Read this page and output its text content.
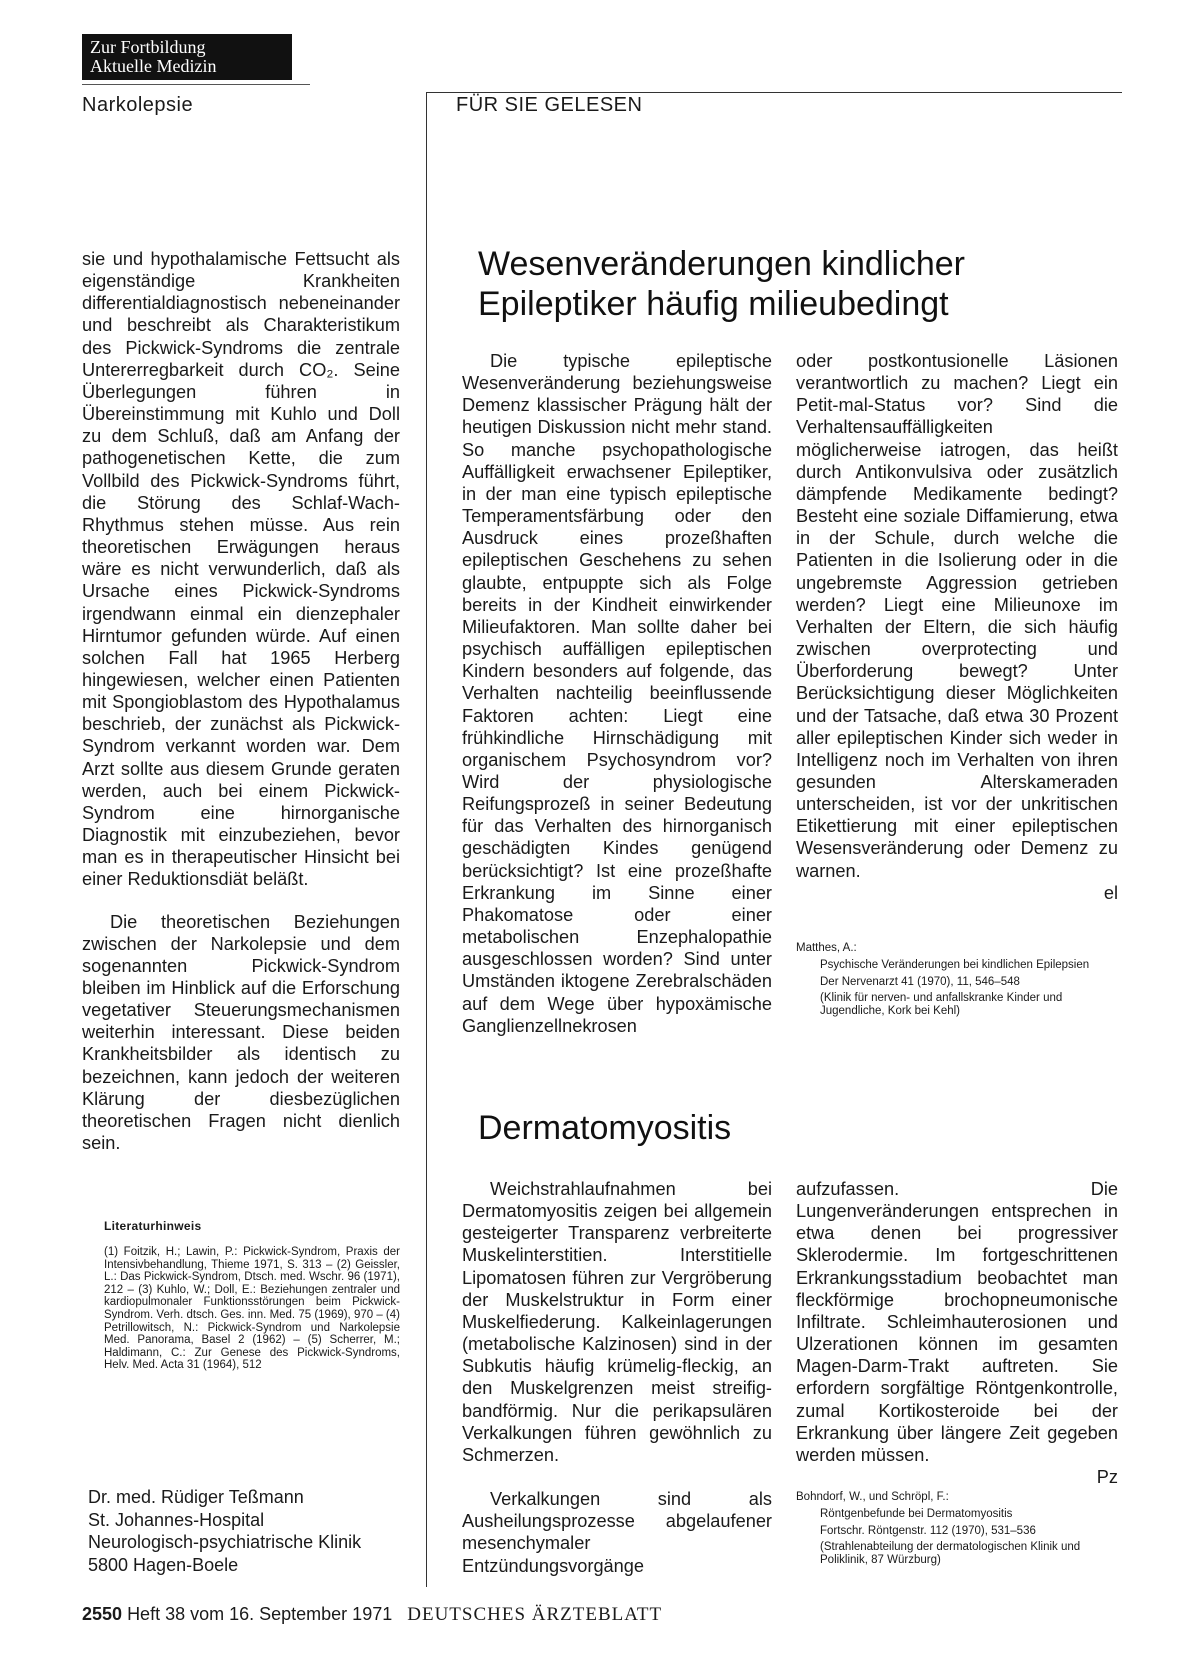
Zur Fortbildung
Aktuelle Medizin
Narkolepsie	FÜR SIE GELESEN

sie und hypothalamische Fettsucht als eigenständige Krankheiten differentialdiagnostisch nebeneinander und beschreibt als Charakteristikum des Pickwick-Syndroms die zentrale Untererregbarkeit durch CO₂. Seine Überlegungen führen in Übereinstimmung mit Kuhlo und Doll zu dem Schluß, daß am Anfang der pathogenetischen Kette, die zum Vollbild des Pickwick-Syndroms führt, die Störung des Schlaf-Wach-Rhythmus stehen müsse. Aus rein theoretischen Erwägungen heraus wäre es nicht verwunderlich, daß als Ursache eines Pickwick-Syndroms irgendwann einmal ein dienzephaler Hirntumor gefunden würde. Auf einen solchen Fall hat 1965 Herberg hingewiesen, welcher einen Patienten mit Spongioblastom des Hypothalamus beschrieb, der zunächst als Pickwick-Syndrom verkannt worden war. Dem Arzt sollte aus diesem Grunde geraten werden, auch bei einem Pickwick-Syndrom eine hirnorganische Diagnostik mit einzubeziehen, bevor man es in therapeutischer Hinsicht bei einer Reduktionsdiät beläßt.

Die theoretischen Beziehungen zwischen der Narkolepsie und dem sogenannten Pickwick-Syndrom bleiben im Hinblick auf die Erforschung vegetativer Steuerungsmechanismen weiterhin interessant. Diese beiden Krankheitsbilder als identisch zu bezeichnen, kann jedoch der weiteren Klärung der diesbezüglichen theoretischen Fragen nicht dienlich sein.

Literaturhinweis
(1) Foitzik, H.; Lawin, P.: Pickwick-Syndrom, Praxis der Intensivbehandlung, Thieme 1971, S. 313 – (2) Geissler, L.: Das Pickwick-Syndrom, Dtsch. med. Wschr. 96 (1971), 212 – (3) Kuhlo, W.; Doll, E.: Beziehungen zentraler und kardiopulmonaler Funktionsstörungen beim Pickwick-Syndrom. Verh. dtsch. Ges. inn. Med. 75 (1969), 970 – (4) Petrillowitsch, N.: Pickwick-Syndrom und Narkolepsie Med. Panorama, Basel 2 (1962) – (5) Scherrer, M.; Haldimann, C.: Zur Genese des Pickwick-Syndroms, Helv. Med. Acta 31 (1964), 512
Dr. med. Rüdiger Teßmann
St. Johannes-Hospital
Neurologisch-psychiatrische Klinik
5800 Hagen-Boele
Wesenveränderungen kindlicher
Epileptiker häufig milieubedingt

Die typische epileptische Wesenveränderung beziehungsweise Demenz klassischer Prägung hält der heutigen Diskussion nicht mehr stand. So manche psychopathologische Auffälligkeit erwachsener Epileptiker, in der man eine typisch epileptische Temperamentsfärbung oder den Ausdruck eines prozeßhaften epileptischen Geschehens zu sehen glaubte, entpuppte sich als Folge bereits in der Kindheit einwirkender Milieufaktoren. Man sollte daher bei psychisch auffälligen epileptischen Kindern besonders auf folgende, das Verhalten nachteilig beeinflussende Faktoren achten: Liegt eine frühkindliche Hirnschädigung mit organischem Psychosyndrom vor? Wird der physiologische Reifungsprozeß in seiner Bedeutung für das Verhalten des hirnorganisch geschädigten Kindes genügend berücksichtigt? Ist eine prozeßhafte Erkrankung im Sinne einer Phakomatose oder einer metabolischen Enzephalopathie ausgeschlossen worden? Sind unter Umständen iktogene Zerebralschäden auf dem Wege über hypoxämische Ganglienzellnekrosen

oder postkontusionelle Läsionen verantwortlich zu machen? Liegt ein Petit-mal-Status vor? Sind die Verhaltensauffälligkeiten möglicherweise iatrogen, das heißt durch Antikonvulsiva oder zusätzlich dämpfende Medikamente bedingt? Besteht eine soziale Diffamierung, etwa in der Schule, durch welche die Patienten in die Isolierung oder in die ungebremste Aggression getrieben werden? Liegt eine Milieunoxe im Verhalten der Eltern, die sich häufig zwischen overprotecting und Überforderung bewegt? Unter Berücksichtigung dieser Möglichkeiten und der Tatsache, daß etwa 30 Prozent aller epileptischen Kinder sich weder in Intelligenz noch im Verhalten von ihren gesunden Alterskameraden unterscheiden, ist vor der unkritischen Etikettierung mit einer epileptischen Wesensveränderung oder Demenz zu warnen.

el
Matthes, A.:
Psychische Veränderungen bei kindlichen Epilepsien
Der Nervenarzt 41 (1970), 11, 546–548
(Klinik für nerven- und anfallskranke Kinder und Jugendliche, Kork bei Kehl)
Dermatomyositis

Weichstrahlaufnahmen bei Dermatomyositis zeigen bei allgemein gesteigerter Transparenz verbreiterte Muskelinterstitien. Interstitielle Lipomatosen führen zur Vergröberung der Muskelstruktur in Form einer Muskelfiederung. Kalkeinlagerungen (metabolische Kalzinosen) sind in der Subkutis häufig krümelig-fleckig, an den Muskelgrenzen meist streifig-bandförmig. Nur die perikapsulären Verkalkungen führen gewöhnlich zu Schmerzen.

Verkalkungen sind als Ausheilungsprozesse abgelaufener mesenchymaler Entzündungsvorgänge

aufzufassen. Die Lungenveränderungen entsprechen in etwa denen bei progressiver Sklerodermie. Im fortgeschrittenen Erkrankungsstadium beobachtet man fleckförmige brochopneumonische Infiltrate. Schleimhauterosionen und Ulzerationen können im gesamten Magen-Darm-Trakt auftreten. Sie erfordern sorgfältige Röntgenkontrolle, zumal Kortikosteroide bei der Erkrankung über längere Zeit gegeben werden müssen.

Pz
Bohndorf, W., und Schröpl, F.:
Röntgenbefunde bei Dermatomyositis
Fortschr. Röntgenstr. 112 (1970), 531–536
(Strahlenabteilung der dermatologischen Klinik und Poliklinik, 87 Würzburg)
2550 Heft 38 vom 16. September 1971 DEUTSCHES ÄRZTEBLATT
